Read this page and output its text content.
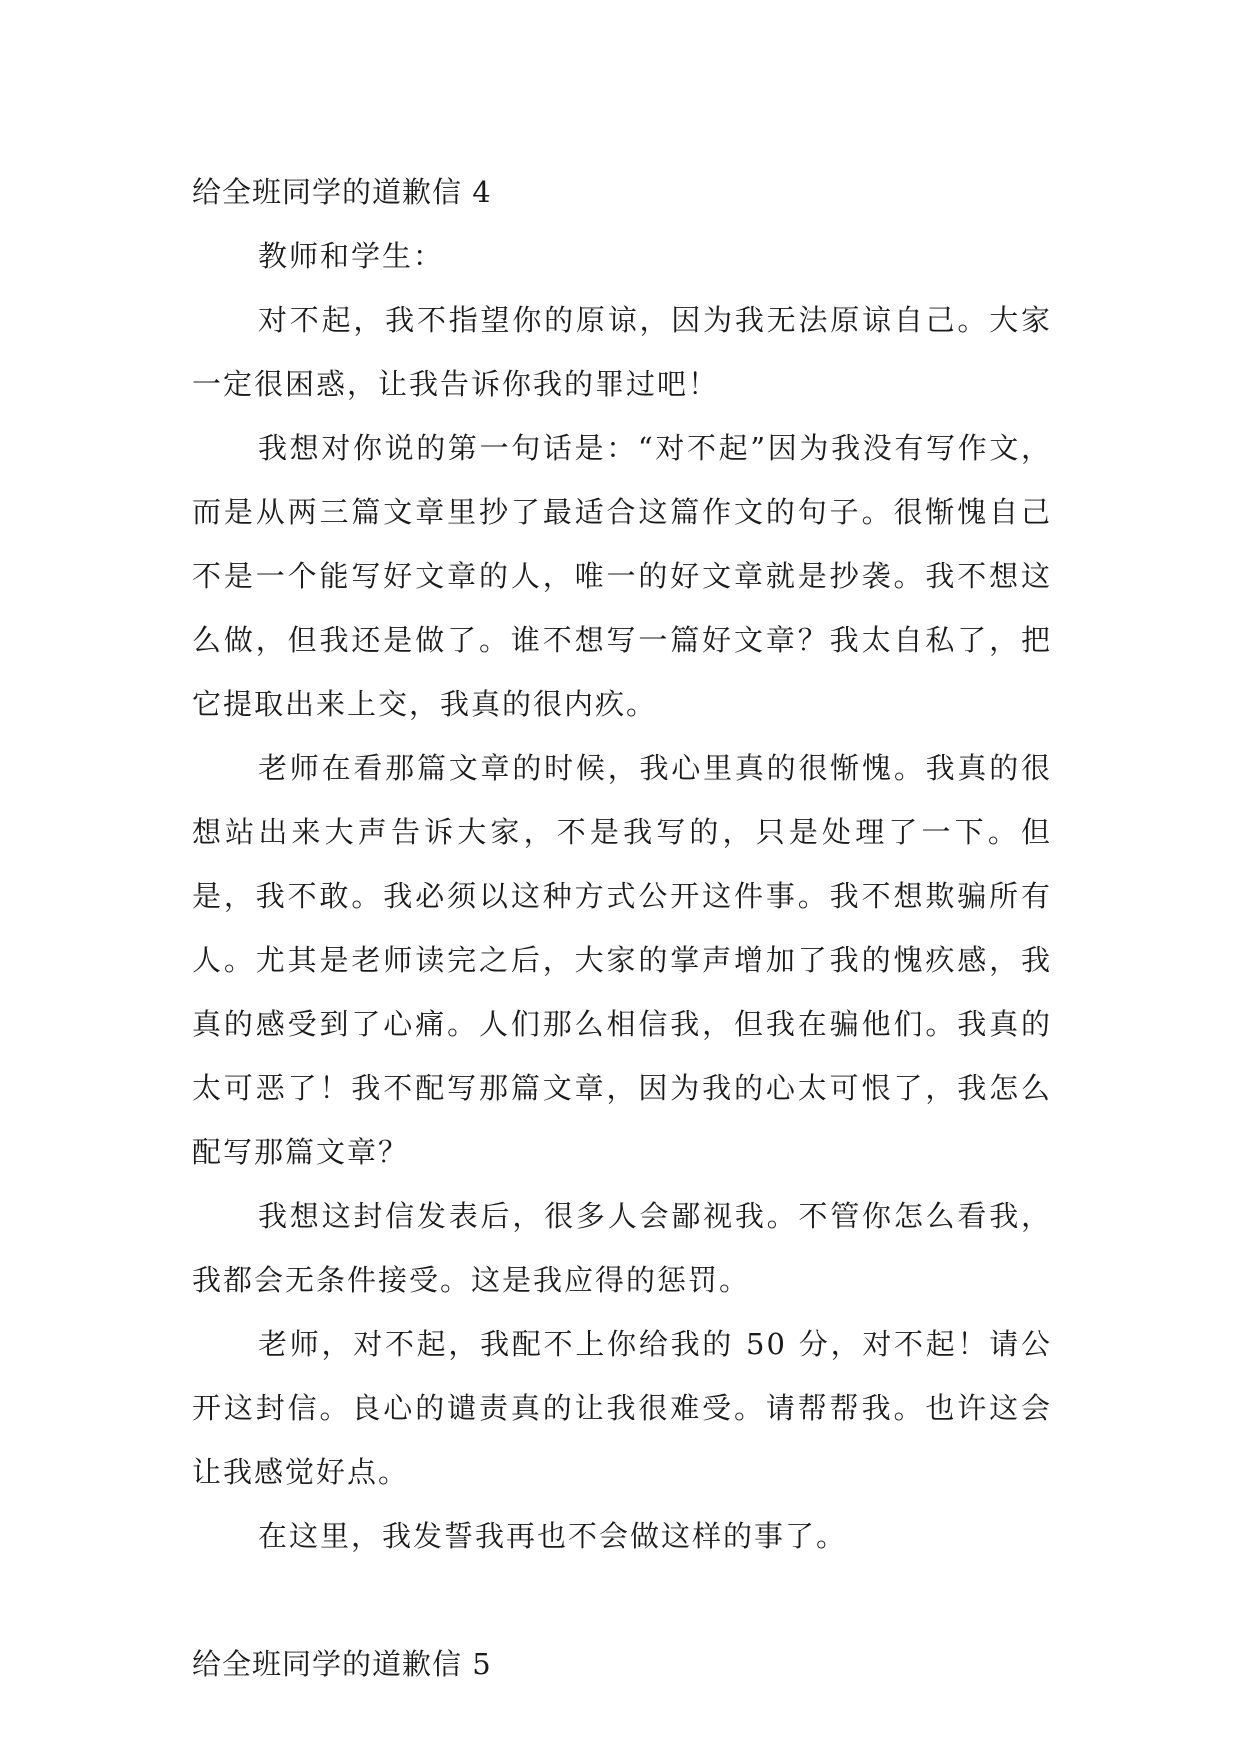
给全班同学的道歉信 4

教师和学生：

对不起，我不指望你的原谅，因为我无法原谅自己。大家一定很困惑，让我告诉你我的罪过吧！

我想对你说的第一句话是：“对不起”因为我没有写作文，而是从两三篇文章里抄了最适合这篇作文的句子。很惭愧自己不是一个能写好文章的人，唯一的好文章就是抄袭。我不想这么做，但我还是做了。谁不想写一篇好文章？我太自私了，把它提取出来上交，我真的很内疚。

老师在看那篇文章的时候，我心里真的很惭愧。我真的很想站出来大声告诉大家，不是我写的，只是处理了一下。但是，我不敢。我必须以这种方式公开这件事。我不想欺骗所有人。尤其是老师读完之后，大家的掌声增加了我的愧疚感，我真的感受到了心痛。人们那么相信我，但我在骗他们。我真的太可恶了！我不配写那篇文章，因为我的心太可恨了，我怎么配写那篇文章？

我想这封信发表后，很多人会鄙视我。不管你怎么看我，我都会无条件接受。这是我应得的惩罚。

老师，对不起，我配不上你给我的 50 分，对不起！请公开这封信。良心的谴责真的让我很难受。请帮帮我。也许这会让我感觉好点。

在这里，我发誓我再也不会做这样的事了。

给全班同学的道歉信 5
